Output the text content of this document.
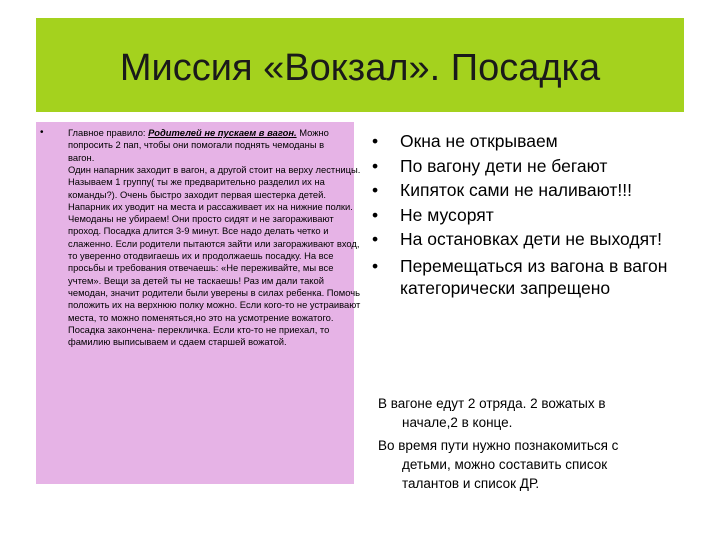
Миссия «Вокзал». Посадка
•	Главное правило: Родителей не пускаем в вагон. Можно попросить 2 пап, чтобы они помогали поднять чемоданы в вагон.

Один напарник заходит в вагон, а другой стоит на верху лестницы. Называем 1 группу( ты же предварительно разделил их на команды?). Очень быстро заходит первая шестерка детей. Напарник их уводит на места и рассаживает их на нижние полки. Чемоданы не убираем! Они просто сидят и не загораживают проход. Посадка длится 3-9 минут. Все надо делать четко и слаженно. Если родители пытаются зайти или загораживают вход, то уверенно отодвигаешь их и продолжаешь посадку. На все просьбы и требования отвечаешь: «Не переживайте, мы все учтем». Вещи за детей ты не таскаешь! Раз им дали такой чемодан, значит родители были уверены в силах ребенка. Помочь положить их на верхнюю полку можно. Если кого-то не устраивают места, то можно поменяться,но это на усмотрение вожатого. Посадка закончена- перекличка. Если кто-то не приехал, то фамилию выписываем и сдаем старшей вожатой.

• Окна не открываем
• По вагону дети не бегают
• Кипяток сами не наливают!!!
• Не мусорят
• На остановках дети не выходят!
• Перемещаться из вагона в вагон категорически запрещено
В вагоне едут 2 отряда. 2 вожатых в
начале,2 в конце.
Во время пути нужно познакомиться с
детьми, можно составить список
талантов и список ДР.
